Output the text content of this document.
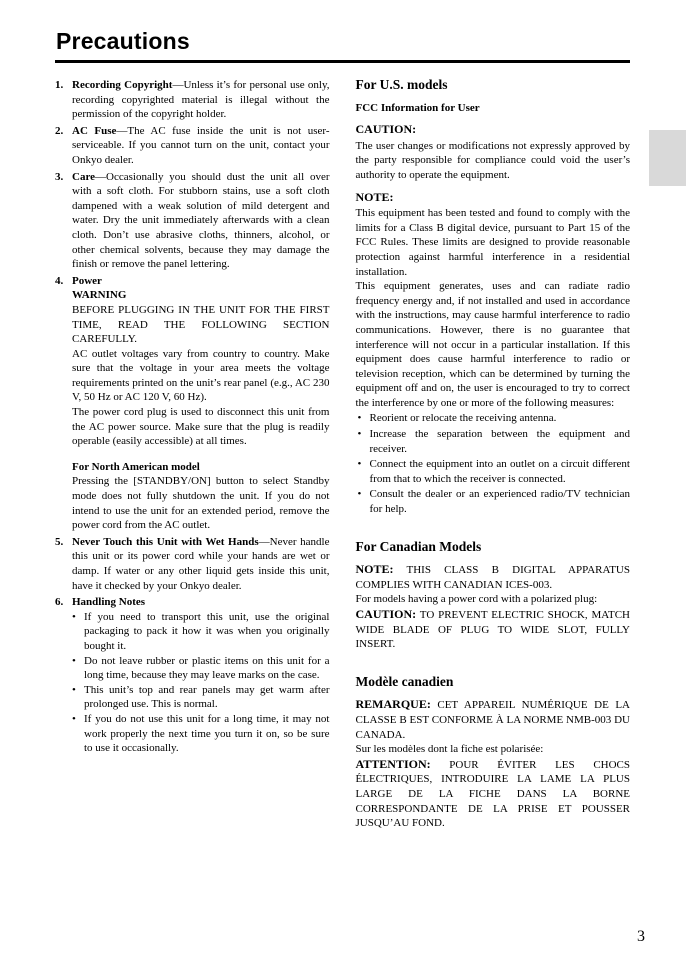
Precautions
1. Recording Copyright—Unless it’s for personal use only, recording copyrighted material is illegal without the permission of the copyright holder.
2. AC Fuse—The AC fuse inside the unit is not user-serviceable. If you cannot turn on the unit, contact your Onkyo dealer.
3. Care—Occasionally you should dust the unit all over with a soft cloth. For stubborn stains, use a soft cloth dampened with a weak solution of mild detergent and water. Dry the unit immediately afterwards with a clean cloth. Don’t use abrasive cloths, thinners, alcohol, or other chemical solvents, because they may damage the finish or remove the panel lettering.
4. Power
WARNING
BEFORE PLUGGING IN THE UNIT FOR THE FIRST TIME, READ THE FOLLOWING SECTION CAREFULLY.
AC outlet voltages vary from country to country. Make sure that the voltage in your area meets the voltage requirements printed on the unit’s rear panel (e.g., AC 230 V, 50 Hz or AC 120 V, 60 Hz).
The power cord plug is used to disconnect this unit from the AC power source. Make sure that the plug is readily operable (easily accessible) at all times.
For North American model
Pressing the [STANDBY/ON] button to select Standby mode does not fully shutdown the unit. If you do not intend to use the unit for an extended period, remove the power cord from the AC outlet.
5. Never Touch this Unit with Wet Hands—Never handle this unit or its power cord while your hands are wet or damp. If water or any other liquid gets inside this unit, have it checked by your Onkyo dealer.
6. Handling Notes
•
If you need to transport this unit, use the original packaging to pack it how it was when you originally bought it.
•
Do not leave rubber or plastic items on this unit for a long time, because they may leave marks on the case.
•
This unit’s top and rear panels may get warm after prolonged use. This is normal.
•
If you do not use this unit for a long time, it may not work properly the next time you turn it on, so be sure to use it occasionally.
For U.S. models
FCC Information for User
CAUTION:
The user changes or modifications not expressly approved by the party responsible for compliance could void the user’s authority to operate the equipment.
NOTE:
This equipment has been tested and found to comply with the limits for a Class B digital device, pursuant to Part 15 of the FCC Rules. These limits are designed to provide reasonable protection against harmful interference in a residential installation.
This equipment generates, uses and can radiate radio frequency energy and, if not installed and used in accordance with the instructions, may cause harmful interference to radio communications. However, there is no guarantee that interference will not occur in a particular installation. If this equipment does cause harmful interference to radio or television reception, which can be determined by turning the equipment off and on, the user is encouraged to try to correct the interference by one or more of the following measures:
•
Reorient or relocate the receiving antenna.
•
Increase the separation between the equipment and receiver.
•
Connect the equipment into an outlet on a circuit different from that to which the receiver is connected.
•
Consult the dealer or an experienced radio/TV technician for help.
For Canadian Models
NOTE: THIS CLASS B DIGITAL APPARATUS COMPLIES WITH CANADIAN ICES-003.
For models having a power cord with a polarized plug:
CAUTION: TO PREVENT ELECTRIC SHOCK, MATCH WIDE BLADE OF PLUG TO WIDE SLOT, FULLY INSERT.
Modèle canadien
REMARQUE: CET APPAREIL NUMÉRIQUE DE LA CLASSE B EST CONFORME À LA NORME NMB-003 DU CANADA.
Sur les modèles dont la fiche est polarisée:
ATTENTION: POUR ÉVITER LES CHOCS ÉLECTRIQUES, INTRODUIRE LA LAME LA PLUS LARGE DE LA FICHE DANS LA BORNE CORRESPONDANTE DE LA PRISE ET POUSSER JUSQU’AU FOND.
3
